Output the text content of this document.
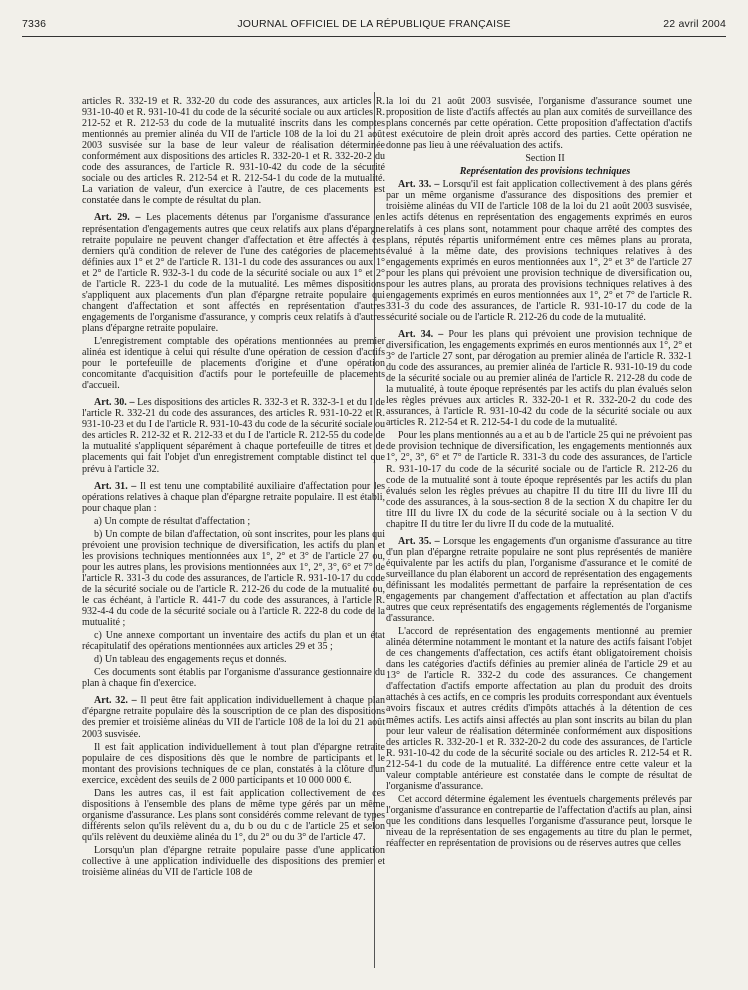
7336	JOURNAL OFFICIEL DE LA RÉPUBLIQUE FRANÇAISE	22 avril 2004

articles R. 332-19 et R. 332-20 du code des assurances, aux articles R. 931-10-40 et R. 931-10-41 du code de la sécurité sociale ou aux articles R. 212-52 et R. 212-53 du code de la mutualité inscrits dans les comptes mentionnés au premier alinéa du VII de l'article 108 de la loi du 21 août 2003 susvisée sur la base de leur valeur de réalisation déterminée conformément aux dispositions des articles R. 332-20-1 et R. 332-20-2 du code des assurances, de l'article R. 931-10-42 du code de la sécurité sociale ou des articles R. 212-54 et R. 212-54-1 du code de la mutualité. La variation de valeur, d'un exercice à l'autre, de ces placements est constatée dans le compte de résultat du plan.

Art. 29. – Les placements détenus par l'organisme d'assurance en représentation d'engagements autres que ceux relatifs aux plans d'épargne retraite populaire ne peuvent changer d'affectation et être affectés à ces derniers qu'à condition de relever de l'une des catégories de placements définies aux 1° et 2° de l'article R. 131-1 du code des assurances ou aux 1° et 2° de l'article R. 932-3-1 du code de la sécurité sociale ou aux 1° et 2° de l'article R. 223-1 du code de la mutualité. Les mêmes dispositions s'appliquent aux placements d'un plan d'épargne retraite populaire qui changent d'affectation et sont affectés en représentation d'autres engagements de l'organisme d'assurance, y compris ceux relatifs à d'autres plans d'épargne retraite populaire.

L'enregistrement comptable des opérations mentionnées au premier alinéa est identique à celui qui résulte d'une opération de cession d'actifs pour le portefeuille de placements d'origine et d'une opération concomitante d'acquisition d'actifs pour le portefeuille de placements d'accueil.

Art. 30. – Les dispositions des articles R. 332-3 et R. 332-3-1 et du I de l'article R. 332-21 du code des assurances, des articles R. 931-10-22 et R. 931-10-23 et du I de l'article R. 931-10-43 du code de la sécurité sociale ou des articles R. 212-32 et R. 212-33 et du I de l'article R. 212-55 du code de la mutualité s'appliquent séparément à chaque portefeuille de titres et de placements qui fait l'objet d'un enregistrement comptable distinct tel que prévu à l'article 32.

Art. 31. – Il est tenu une comptabilité auxiliaire d'affectation pour les opérations relatives à chaque plan d'épargne retraite populaire. Il est établi, pour chaque plan :

a) Un compte de résultat d'affectation ;

b) Un compte de bilan d'affectation, où sont inscrites, pour les plans qui prévoient une provision technique de diversification, les actifs du plan et les provisions techniques mentionnées aux 1°, 2° et 3° de l'article 27 ou, pour les autres plans, les provisions mentionnées aux 1°, 2°, 3°, 6° et 7° de l'article R. 331-3 du code des assurances, de l'article R. 931-10-17 du code de la sécurité sociale ou de l'article R. 212-26 du code de la mutualité ou, le cas échéant, à l'article R. 441-7 du code des assurances, à l'article R. 932-4-4 du code de la sécurité sociale ou à l'article R. 222-8 du code de la mutualité ;

c) Une annexe comportant un inventaire des actifs du plan et un état récapitulatif des opérations mentionnées aux articles 29 et 35 ;

d) Un tableau des engagements reçus et donnés.

Ces documents sont établis par l'organisme d'assurance gestionnaire du plan à chaque fin d'exercice.

Art. 32. – Il peut être fait application individuellement à chaque plan d'épargne retraite populaire dès la souscription de ce plan des dispositions des premier et troisième alinéas du VII de l'article 108 de la loi du 21 août 2003 susvisée.

Il est fait application individuellement à tout plan d'épargne retraite populaire de ces dispositions dès que le nombre de participants et le montant des provisions techniques de ce plan, constatés à la clôture d'un exercice, excèdent des seuils de 2 000 participants et 10 000 000 €.

Dans les autres cas, il est fait application collectivement de ces dispositions à l'ensemble des plans de même type gérés par un même organisme d'assurance. Les plans sont considérés comme relevant de types différents selon qu'ils relèvent du a, du b ou du c de l'article 25 et selon qu'ils relèvent du deuxième alinéa du 1°, du 2° ou du 3° de l'article 47.

Lorsqu'un plan d'épargne retraite populaire passe d'une application collective à une application individuelle des dispositions des premier et troisième alinéas du VII de l'article 108 de

la loi du 21 août 2003 susvisée, l'organisme d'assurance soumet une proposition de liste d'actifs affectés au plan aux comités de surveillance des plans concernés par cette opération. Cette proposition d'affectation d'actifs est exécutoire de plein droit après accord des parties. Cette opération ne donne pas lieu à une réévaluation des actifs.

Section II

Représentation des provisions techniques

Art. 33. – Lorsqu'il est fait application collectivement à des plans gérés par un même organisme d'assurance des dispositions des premier et troisième alinéas du VII de l'article 108 de la loi du 21 août 2003 susvisée, les actifs détenus en représentation des engagements exprimés en euros relatifs à ces plans sont, notamment pour chaque arrêté des comptes des plans, réputés répartis uniformément entre ces mêmes plans au prorata, évalué à la même date, des provisions techniques relatives à des engagements exprimés en euros mentionnées aux 1°, 2° et 3° de l'article 27 pour les plans qui prévoient une provision technique de diversification ou, pour les autres plans, au prorata des provisions techniques relatives à des engagements exprimés en euros mentionnées aux 1°, 2° et 7° de l'article R. 331-3 du code des assurances, de l'article R. 931-10-17 du code de la sécurité sociale ou de l'article R. 212-26 du code de la mutualité.

Art. 34. – Pour les plans qui prévoient une provision technique de diversification, les engagements exprimés en euros mentionnés aux 1°, 2° et 3° de l'article 27 sont, par dérogation au premier alinéa de l'article R. 332-1 du code des assurances, au premier alinéa de l'article R. 931-10-19 du code de la sécurité sociale ou au premier alinéa de l'article R. 212-28 du code de la mutualité, à toute époque représentés par les actifs du plan évalués selon les règles prévues aux articles R. 332-20-1 et R. 332-20-2 du code des assurances, à l'article R. 931-10-42 du code de la sécurité sociale ou aux articles R. 212-54 et R. 212-54-1 du code de la mutualité.

Pour les plans mentionnés au a et au b de l'article 25 qui ne prévoient pas de provision technique de diversification, les engagements mentionnés aux 1°, 2°, 3°, 6° et 7° de l'article R. 331-3 du code des assurances, de l'article R. 931-10-17 du code de la sécurité sociale ou de l'article R. 212-26 du code de la mutualité sont à toute époque représentés par les actifs du plan évalués selon les règles prévues au chapitre II du titre III du livre III du code des assurances, à la sous-section 8 de la section X du chapitre Ier du titre III du livre IX du code de la sécurité sociale ou à la section V du chapitre II du titre Ier du livre II du code de la mutualité.

Art. 35. – Lorsque les engagements d'un organisme d'assurance au titre d'un plan d'épargne retraite populaire ne sont plus représentés de manière équivalente par les actifs du plan, l'organisme d'assurance et le comité de surveillance du plan élaborent un accord de représentation des engagements définissant les modalités permettant de parfaire la représentation de ces engagements par changement d'affectation et affectation au plan d'actifs autres que ceux représentatifs des engagements réglementés de l'organisme d'assurance.

L'accord de représentation des engagements mentionné au premier alinéa détermine notamment le montant et la nature des actifs faisant l'objet de ces changements d'affectation, ces actifs étant obligatoirement choisis dans les catégories d'actifs définies au premier alinéa de l'article 29 et au 13° de l'article R. 332-2 du code des assurances. Ce changement d'affectation d'actifs emporte affectation au plan du produit des droits attachés à ces actifs, en ce compris les produits correspondant aux éventuels avoirs fiscaux et autres crédits d'impôts attachés à la détention de ces mêmes actifs. Les actifs ainsi affectés au plan sont inscrits au bilan du plan pour leur valeur de réalisation déterminée conformément aux dispositions des articles R. 332-20-1 et R. 332-20-2 du code des assurances, de l'article R. 931-10-42 du code de la sécurité sociale ou des articles R. 212-54 et R. 212-54-1 du code de la mutualité. La différence entre cette valeur et la valeur comptable antérieure est constatée dans le compte de résultat de l'organisme d'assurance.

Cet accord détermine également les éventuels chargements prélevés par l'organisme d'assurance en contrepartie de l'affectation d'actifs au plan, ainsi que les conditions dans lesquelles l'organisme d'assurance peut, lorsque le niveau de la représentation de ses engagements au titre du plan le permet, réaffecter en représentation de provisions ou de réserves autres que celles
